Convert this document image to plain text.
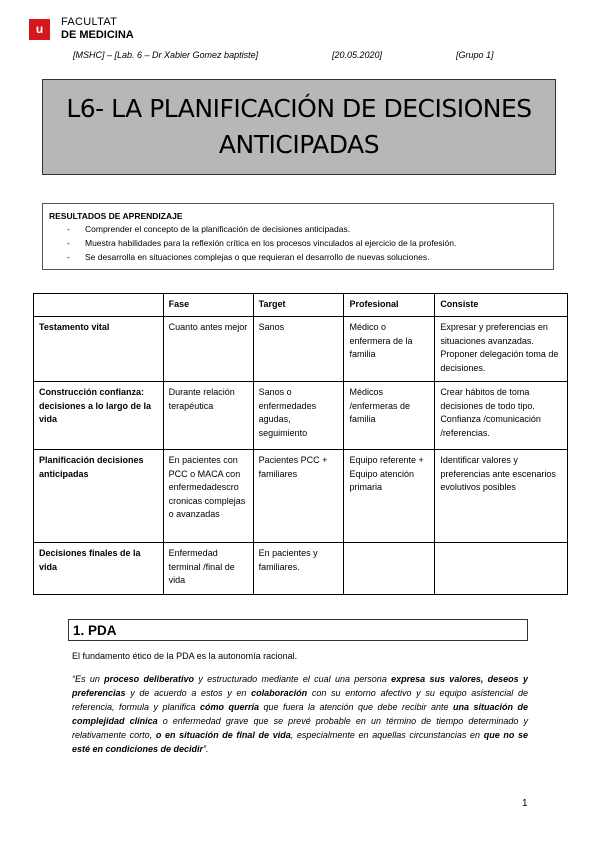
u	FACULTAT
DE MEDICINA
[MSHC] – [Lab. 6 – Dr Xabier Gomez baptiste]	[20.05.2020]	[Grupo 1]
L6- LA PLANIFICACIÓN DE DECISIONES
ANTICIPADAS
RESULTADOS DE APRENDIZAJE
- Comprender el concepto de la planificación de decisiones anticipadas.
- Muestra habilidades para la reflexión crítica en los procesos vinculados al ejercicio de la profesión.
- Se desarrolla en situaciones complejas o que requieran el desarrollo de nuevas soluciones.
	Fase	Target	Profesional	Consiste
Testamento vital	Cuanto antes mejor	Sanos	Médico o enfermera de la familia	Expresar y preferencias en situaciones avanzadas. Proponer delegación toma de decisiones.
Construcción confianza: decisiones a lo largo de la vida	Durante relación terapéutica	Sanos o enfermedades agudas, seguimiento	Médicos /enfermeras de familia	Crear hábitos de toma decisiones de todo tipo. Confianza /comunicación /referencias.
Planificación decisiones anticipadas	En pacientes con PCC o MACA con enfermedadescro cronicas complejas o avanzadas	Pacientes PCC + familiares	Equipo referente + Equipo atención primaria	Identificar valores y preferencias ante escenarios evolutivos posibles
Decisiones finales de la vida	Enfermedad terminal /final de vida	En pacientes y familiares.		
1. PDA
El fundamento ético de la PDA es la autonomía racional.

“Es un proceso deliberativo y estructurado mediante el cual una persona expresa sus valores, deseos y preferencias y de acuerdo a estos y en colaboración con su entorno afectivo y su equipo asistencial de referencia, formula y planifica cómo querría que fuera la atención que debe recibir ante una situación de complejidad clínica o enfermedad grave que se prevé probable en un término de tiempo determinado y relativamente corto, o en situación de final de vida, especialmente en aquellas circunstancias en que no se esté en condiciones de decidir”.

1
